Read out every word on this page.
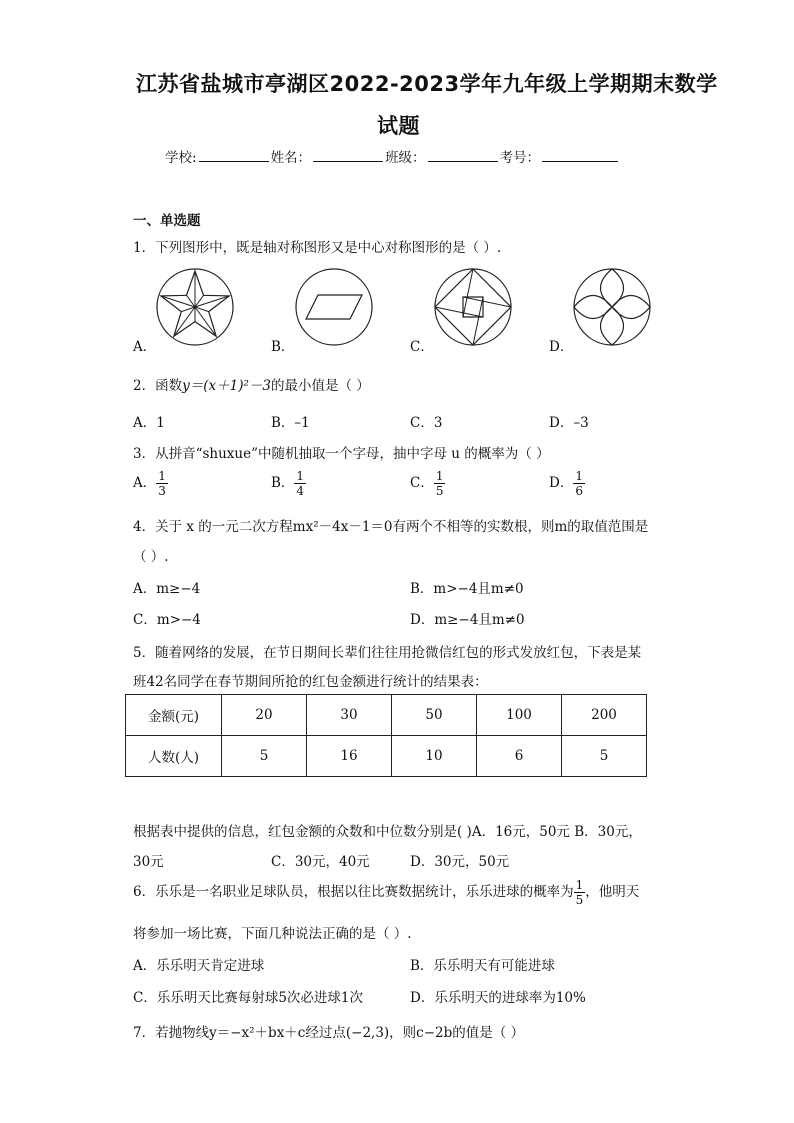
江苏省盐城市亭湖区2022-2023学年九年级上学期期末数学
试题
学校:	姓名：	班级：	考号：
一、单选题
1．下列图形中，既是轴对称图形又是中心对称图形的是（ ）.
A．	B．	C．	D．
2．函数y＝(x＋1)²－3的最小值是（ ）
A．1	B．–1	C．3	D．–3
3．从拼音“shuxue”中随机抽取一个字母，抽中字母 u 的概率为（ ）
A． $\frac{1}{3}$	B． $\frac{1}{4}$	C． $\frac{1}{5}$	D． $\frac{1}{6}$
4．关于 x 的一元二次方程mx²－4x－1＝0有两个不相等的实数根，则m的取值范围是
（ ）.
A．m≥−4	B．m>−4且m≠0
C．m>−4	D．m≥−4且m≠0
5．随着网络的发展，在节日期间长辈们往往用抢微信红包的形式发放红包，下表是某
班42名同学在春节期间所抢的红包金额进行统计的结果表：
金额(元)	20	30	50	100	200
人数(人)	5	16	10	6	5
根据表中提供的信息，红包金额的众数和中位数分别是( )A．16元，50元 B．30元，
30元	C．30元，40元	D．30元，50元
6．乐乐是一名职业足球队员，根据以往比赛数据统计，乐乐进球的概率为 $\frac{1}{5}$ ，他明天
将参加一场比赛，下面几种说法正确的是（ ）.
A．乐乐明天肯定进球	B．乐乐明天有可能进球
C．乐乐明天比赛每射球5次必进球1次	D．乐乐明天的进球率为10%
7．若抛物线y＝−x²＋bx＋c经过点(−2,3)，则c−2b的值是（ ）
